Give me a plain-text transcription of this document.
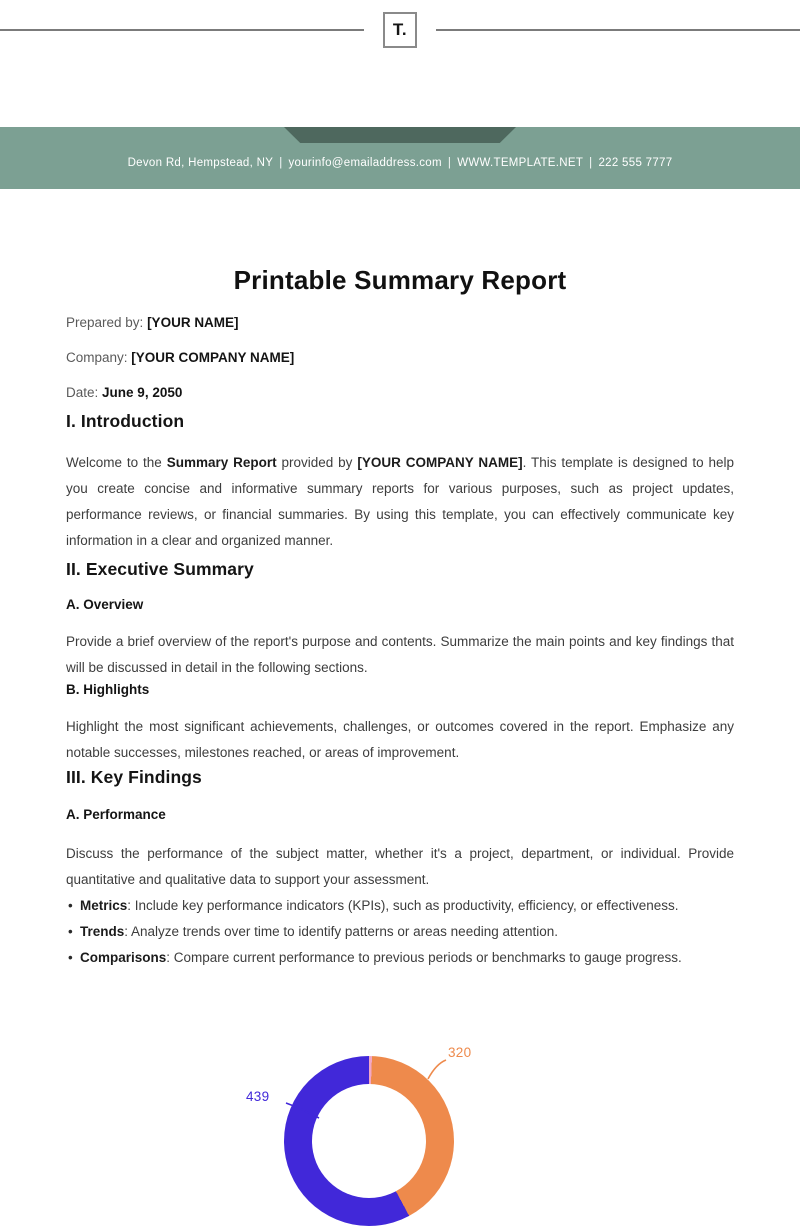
T.
Devon Rd, Hempstead, NY | yourinfo@emailaddress.com | WWW.TEMPLATE.NET | 222 555 7777
Printable Summary Report

Prepared by: [YOUR NAME]

Company: [YOUR COMPANY NAME]

Date: June 9, 2050

I. Introduction

Welcome to the Summary Report provided by [YOUR COMPANY NAME]. This template is designed to help you create concise and informative summary reports for various purposes, such as project updates, performance reviews, or financial summaries. By using this template, you can effectively communicate key information in a clear and organized manner.

II. Executive Summary
A. Overview

Provide a brief overview of the report's purpose and contents. Summarize the main points and key findings that will be discussed in detail in the following sections.

B. Highlights

Highlight the most significant achievements, challenges, or outcomes covered in the report. Emphasize any notable successes, milestones reached, or areas of improvement.

III. Key Findings
A. Performance

Discuss the performance of the subject matter, whether it's a project, department, or individual. Provide quantitative and qualitative data to support your assessment.

• Metrics: Include key performance indicators (KPIs), such as productivity, efficiency, or effectiveness.
• Trends: Analyze trends over time to identify patterns or areas needing attention.
• Comparisons: Compare current performance to previous periods or benchmarks to gauge progress.
320
439
